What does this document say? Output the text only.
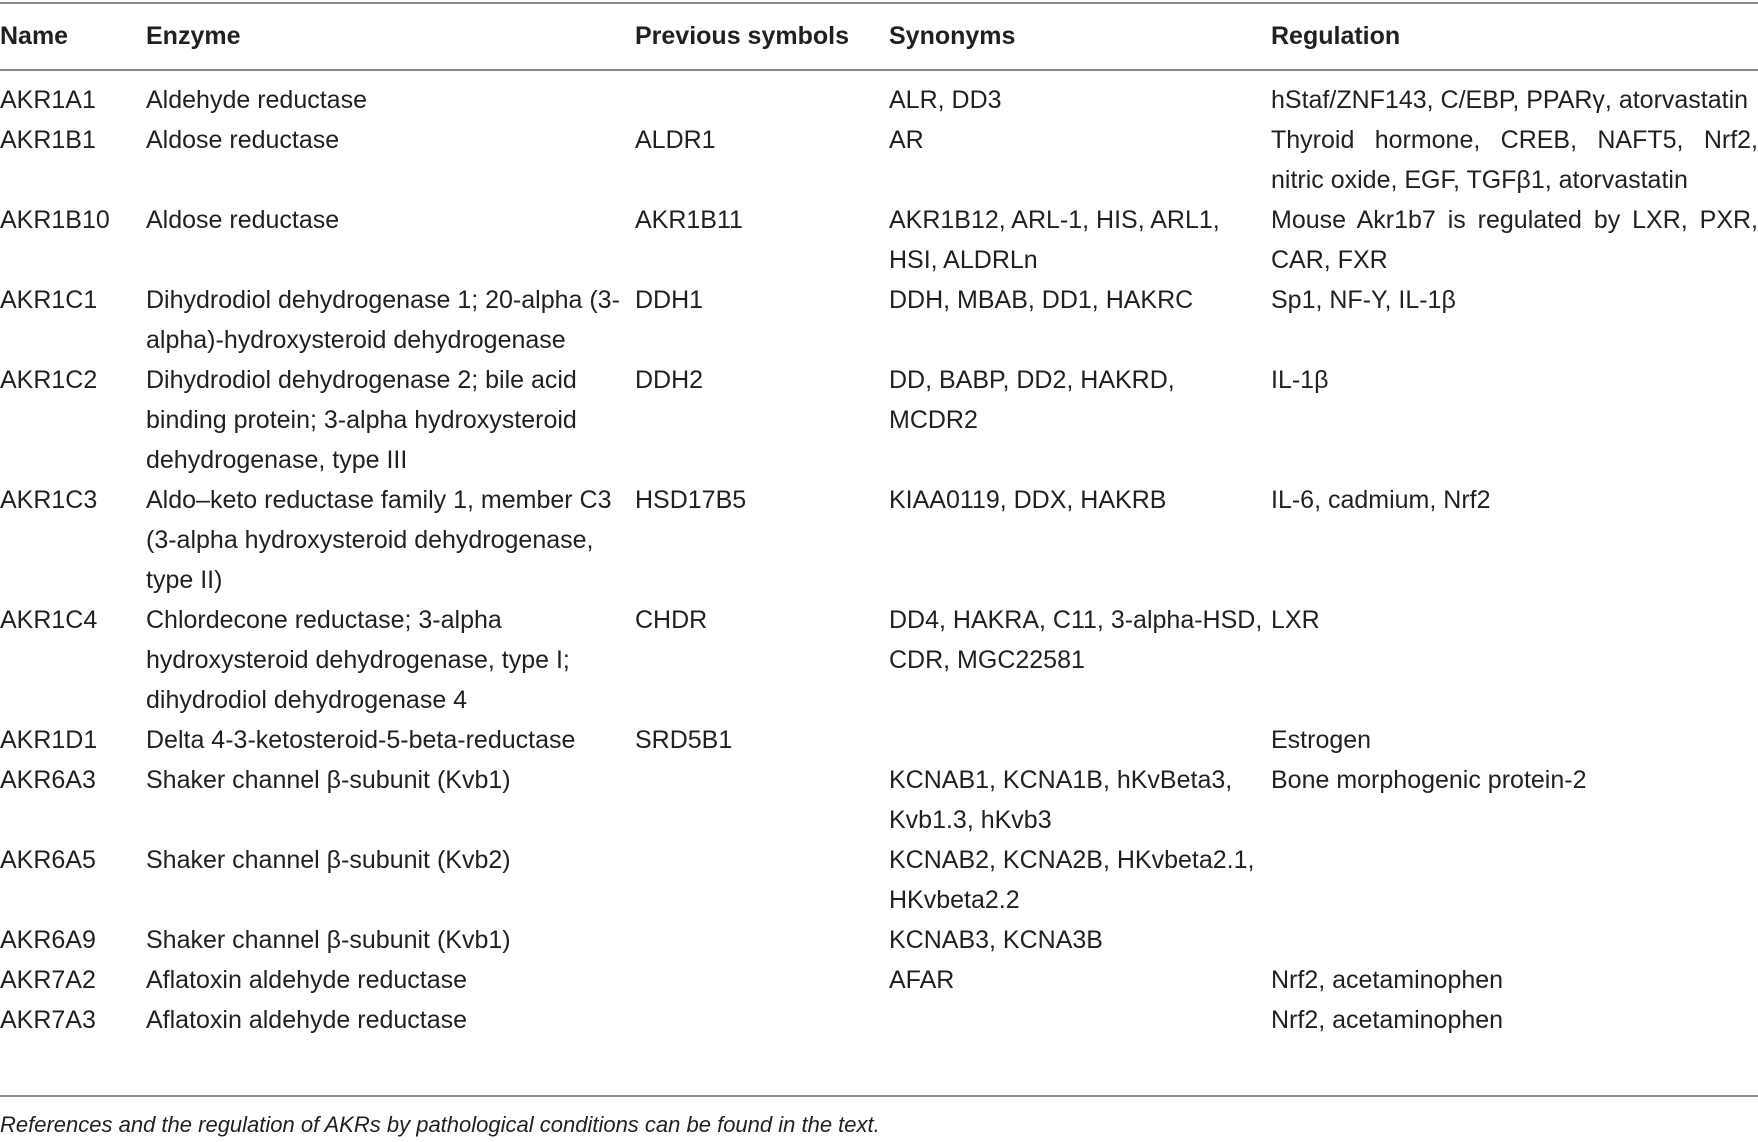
Name	Enzyme	Previous symbols	Synonyms	Regulation
AKR1A1	Aldehyde reductase		ALR, DD3	hStaf/ZNF143, C/EBP, PPARγ, atorvastatin
AKR1B1	Aldose reductase	ALDR1	AR	Thyroid hormone, CREB, NAFT5, Nrf2, nitric oxide, EGF, TGFβ1, atorvastatin
AKR1B10	Aldose reductase	AKR1B11	AKR1B12, ARL-1, HIS, ARL1, HSI, ALDRLn	Mouse Akr1b7 is regulated by LXR, PXR, CAR, FXR
AKR1C1	Dihydrodiol dehydrogenase 1; 20-alpha (3-alpha)-hydroxysteroid dehydrogenase	DDH1	DDH, MBAB, DD1, HAKRC	Sp1, NF-Y, IL-1β
AKR1C2	Dihydrodiol dehydrogenase 2; bile acid binding protein; 3-alpha hydroxysteroid dehydrogenase, type III	DDH2	DD, BABP, DD2, HAKRD, MCDR2	IL-1β
AKR1C3	Aldo–keto reductase family 1, member C3 (3-alpha hydroxysteroid dehydrogenase, type II)	HSD17B5	KIAA0119, DDX, HAKRB	IL-6, cadmium, Nrf2
AKR1C4	Chlordecone reductase; 3-alpha hydroxysteroid dehydrogenase, type I; dihydrodiol dehydrogenase 4	CHDR	DD4, HAKRA, C11, 3-alpha-HSD, CDR, MGC22581	LXR
AKR1D1	Delta 4-3-ketosteroid-5-beta-reductase	SRD5B1		Estrogen
AKR6A3	Shaker channel β-subunit (Kvb1)		KCNAB1, KCNA1B, hKvBeta3, Kvb1.3, hKvb3	Bone morphogenic protein-2
AKR6A5	Shaker channel β-subunit (Kvb2)		KCNAB2, KCNA2B, HKvbeta2.1, HKvbeta2.2	
AKR6A9	Shaker channel β-subunit (Kvb1)		KCNAB3, KCNA3B	
AKR7A2	Aflatoxin aldehyde reductase		AFAR	Nrf2, acetaminophen
AKR7A3	Aflatoxin aldehyde reductase			Nrf2, acetaminophen
References and the regulation of AKRs by pathological conditions can be found in the text.
